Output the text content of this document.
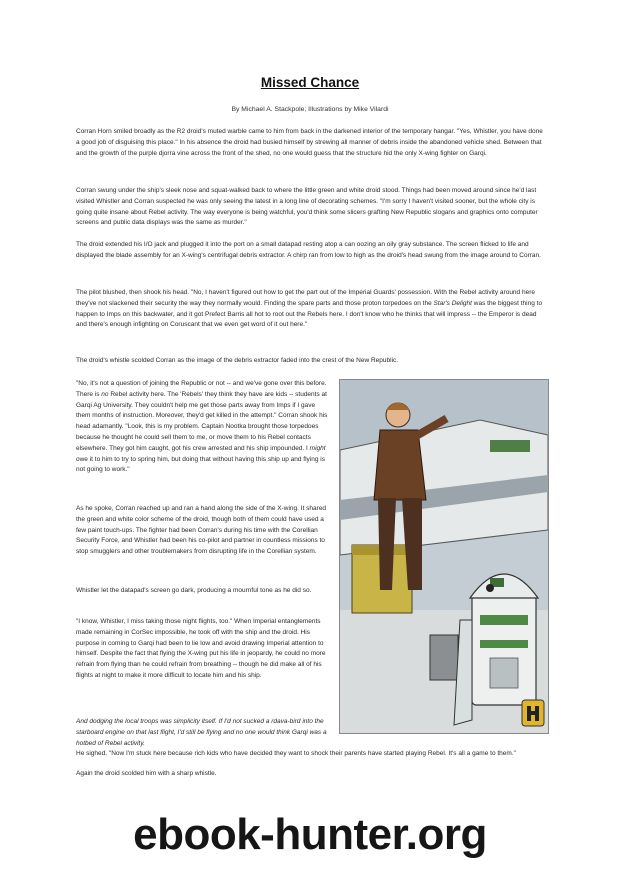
Missed Chance
By Michael A. Stackpole; Illustrations by Mike Vilardi

Corran Horn smiled broadly as the R2 droid's muted warble came to him from back in the darkened interior of the temporary hangar. "Yes, Whistler, you have done a good job of disguising this place." In his absence the droid had busied himself by strewing all manner of debris inside the abandoned vehicle shed. Between that and the growth of the purple djorra vine across the front of the shed, no one would guess that the structure hid the only X-wing fighter on Garqi.

Corran swung under the ship's sleek nose and squat-walked back to where the little green and white droid stood. Things had been moved around since he'd last visited Whistler and Corran suspected he was only seeing the latest in a long line of decorating schemes. "I'm sorry I haven't visited sooner, but the whole city is going quite insane about Rebel activity. The way everyone is being watchful, you'd think some slicers grafting New Republic slogans and graphics onto computer screens and public data displays was the same as murder."

The droid extended his I/O jack and plugged it into the port on a small datapad resting atop a can oozing an oily gray substance. The screen flicked to life and displayed the blade assembly for an X-wing's centrifugal debris extractor. A chirp ran from low to high as the droid's head swung from the image around to Corran.

The pilot blushed, then shook his head. "No, I haven't figured out how to get the part out of the Imperial Guards' possession. With the Rebel activity around here they've not slackened their security the way they normally would. Finding the spare parts and those proton torpedoes on the Star's Delight was the biggest thing to happen to Imps on this backwater, and it got Prefect Barris all hot to root out the Rebels here. I don't know who he thinks that will impress -- the Emperor is dead and there's enough infighting on Coruscant that we even get word of it out here."

The droid's whistle scolded Corran as the image of the debris extractor faded into the crest of the New Republic.

"No, it's not a question of joining the Republic or not -- and we've gone over this before. There is no Rebel activity here. The 'Rebels' they think they have are kids -- students at Garqi Ag University. They couldn't help me get those parts away from Imps if I gave them months of instruction. Moreover, they'd get killed in the attempt." Corran shook his head adamantly. "Look, this is my problem. Captain Nootka brought those torpedoes because he thought he could sell them to me, or move them to his Rebel contacts elsewhere. They got him caught, got his crew arrested and his ship impounded. I might owe it to him to try to spring him, but doing that without having this ship up and flying is not going to work."

As he spoke, Corran reached up and ran a hand along the side of the X-wing. It shared the green and white color scheme of the droid, though both of them could have used a few paint touch-ups. The fighter had been Corran's during his time with the Corellian Security Force, and Whistler had been his co-pilot and partner in countless missions to stop smugglers and other troublemakers from disrupting life in the Corellian system.

Whistler let the datapad's screen go dark, producing a mournful tone as he did so.

"I know, Whistler, I miss taking those night flights, too." When Imperial entanglements made remaining in CorSec impossible, he took off with the ship and the droid. His purpose in coming to Garqi had been to lie low and avoid drawing Imperial attention to himself. Despite the fact that flying the X-wing put his life in jeopardy, he could no more refrain from flying than he could refrain from breathing -- though he did make all of his flights at night to make it more difficult to locate him and his ship.

And dodging the local troops was simplicity itself. If I'd not sucked a rdava-bird into the starboard engine on that last flight, I'd still be flying and no one would think Garqi was a hotbed of Rebel activity.
He sighed. "Now I'm stuck here because rich kids who have decided they want to shock their parents have started playing Rebel. It's all a game to them."

Again the droid scolded him with a sharp whistle.

ebook-hunter.org
